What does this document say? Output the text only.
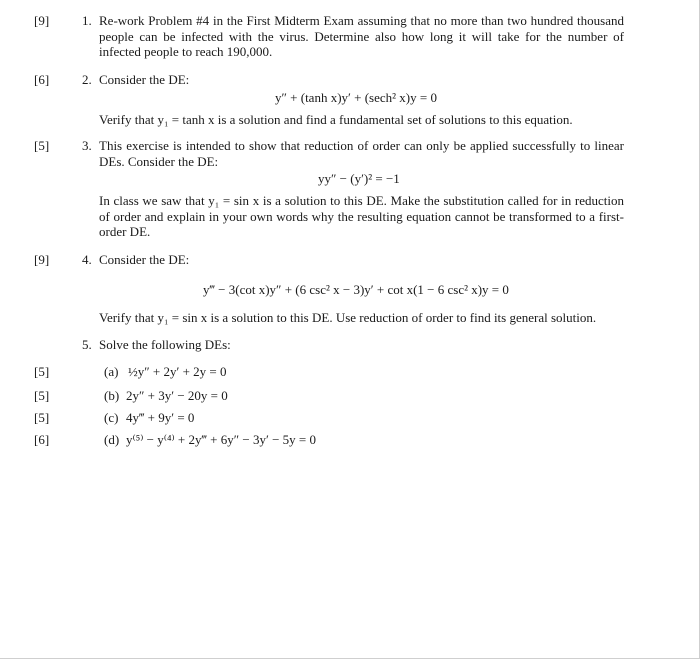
[9]	1. Re-work Problem #4 in the First Midterm Exam assuming that no more than two hundred thousand people can be infected with the virus. Determine also how long it will take for the number of infected people to reach 190,000.
[6]	2. Consider the DE:
y″ + (tanh x)y′ + (sech² x)y = 0
Verify that y₁ = tanh x is a solution and find a fundamental set of solutions to this equation.
[5]	3. This exercise is intended to show that reduction of order can only be applied successfully to linear DEs. Consider the DE:
yy″ − (y′)² = −1
In class we saw that y₁ = sin x is a solution to this DE. Make the substitution called for in reduction of order and explain in your own words why the resulting equation cannot be transformed to a first-order DE.
[9]	4. Consider the DE:
y‴ − 3(cot x)y″ + (6 csc² x − 3)y′ + cot x(1 − 6 csc² x)y = 0
Verify that y₁ = sin x is a solution to this DE. Use reduction of order to find its general solution.
5. Solve the following DEs:
[5]	(a) ½y″ + 2y′ + 2y = 0
[5]	(b) 2y″ + 3y′ − 20y = 0
[5]	(c) 4y‴ + 9y′ = 0
[6]	(d) y⁽⁵⁾ − y⁽⁴⁾ + 2y‴ + 6y″ − 3y′ − 5y = 0
